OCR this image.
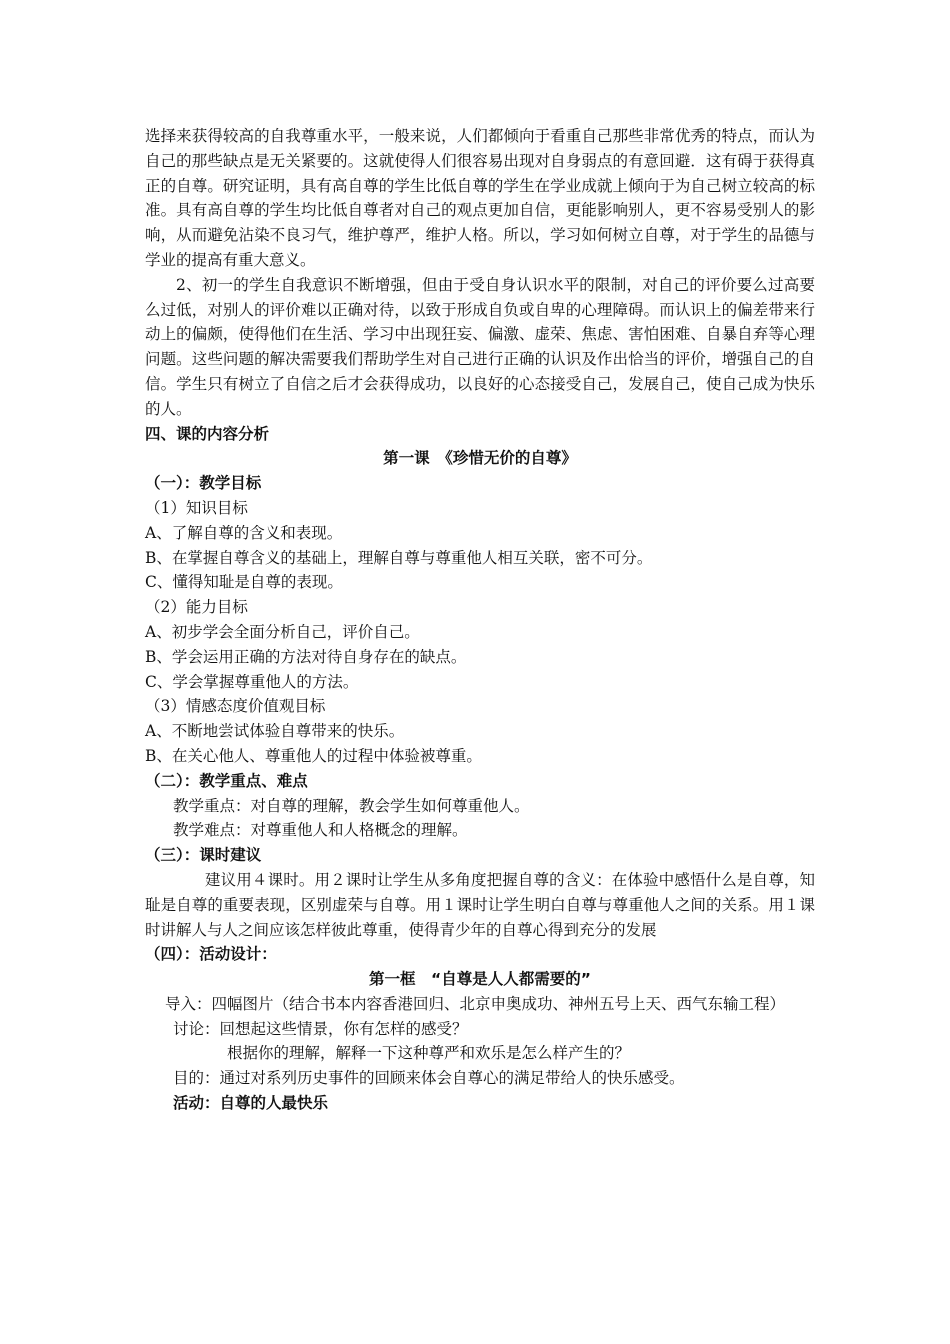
选择来获得较高的自我尊重水平，一般来说，人们都倾向于看重自己那些非常优秀的特点，而认为自己的那些缺点是无关紧要的。这就使得人们很容易出现对自身弱点的有意回避．这有碍于获得真正的自尊。研究证明，具有高自尊的学生比低自尊的学生在学业成就上倾向于为自己树立较高的标准。具有高自尊的学生均比低自尊者对自己的观点更加自信，更能影响别人，更不容易受别人的影响，从而避免沾染不良习气，维护尊严，维护人格。所以，学习如何树立自尊，对于学生的品德与学业的提高有重大意义。

2、初一的学生自我意识不断增强，但由于受自身认识水平的限制，对自己的评价要么过高要么过低，对别人的评价难以正确对待，以致于形成自负或自卑的心理障碍。而认识上的偏差带来行动上的偏颇，使得他们在生活、学习中出现狂妄、偏激、虚荣、焦虑、害怕困难、自暴自弃等心理问题。这些问题的解决需要我们帮助学生对自己进行正确的认识及作出恰当的评价，增强自己的自信。学生只有树立了自信之后才会获得成功，以良好的心态接受自己，发展自己，使自己成为快乐的人。

四、课的内容分析

第一课　《珍惜无价的自尊》

（一）：教学目标

（1）知识目标

A、了解自尊的含义和表现。

B、在掌握自尊含义的基础上，理解自尊与尊重他人相互关联，密不可分。

C、懂得知耻是自尊的表现。

（2）能力目标

A、初步学会全面分析自己，评价自己。

B、学会运用正确的方法对待自身存在的缺点。

C、学会掌握尊重他人的方法。

（3）情感态度价值观目标

A、不断地尝试体验自尊带来的快乐。

B、在关心他人、尊重他人的过程中体验被尊重。

（二）：教学重点、难点

教学重点：对自尊的理解，教会学生如何尊重他人。

教学难点：对尊重他人和人格概念的理解。

（三）：课时建议

建议用４课时。用２课时让学生从多角度把握自尊的含义：在体验中感悟什么是自尊，知耻是自尊的重要表现，区别虚荣与自尊。用１课时让学生明白自尊与尊重他人之间的关系。用１课时讲解人与人之间应该怎样彼此尊重，使得青少年的自尊心得到充分的发展

（四）：活动设计：

第一框　“自尊是人人都需要的”

导入：四幅图片（结合书本内容香港回归、北京申奥成功、神州五号上天、西气东输工程）

讨论：回想起这些情景，你有怎样的感受？

根据你的理解，解释一下这种尊严和欢乐是怎么样产生的？

目的：通过对系列历史事件的回顾来体会自尊心的满足带给人的快乐感受。

活动：自尊的人最快乐
